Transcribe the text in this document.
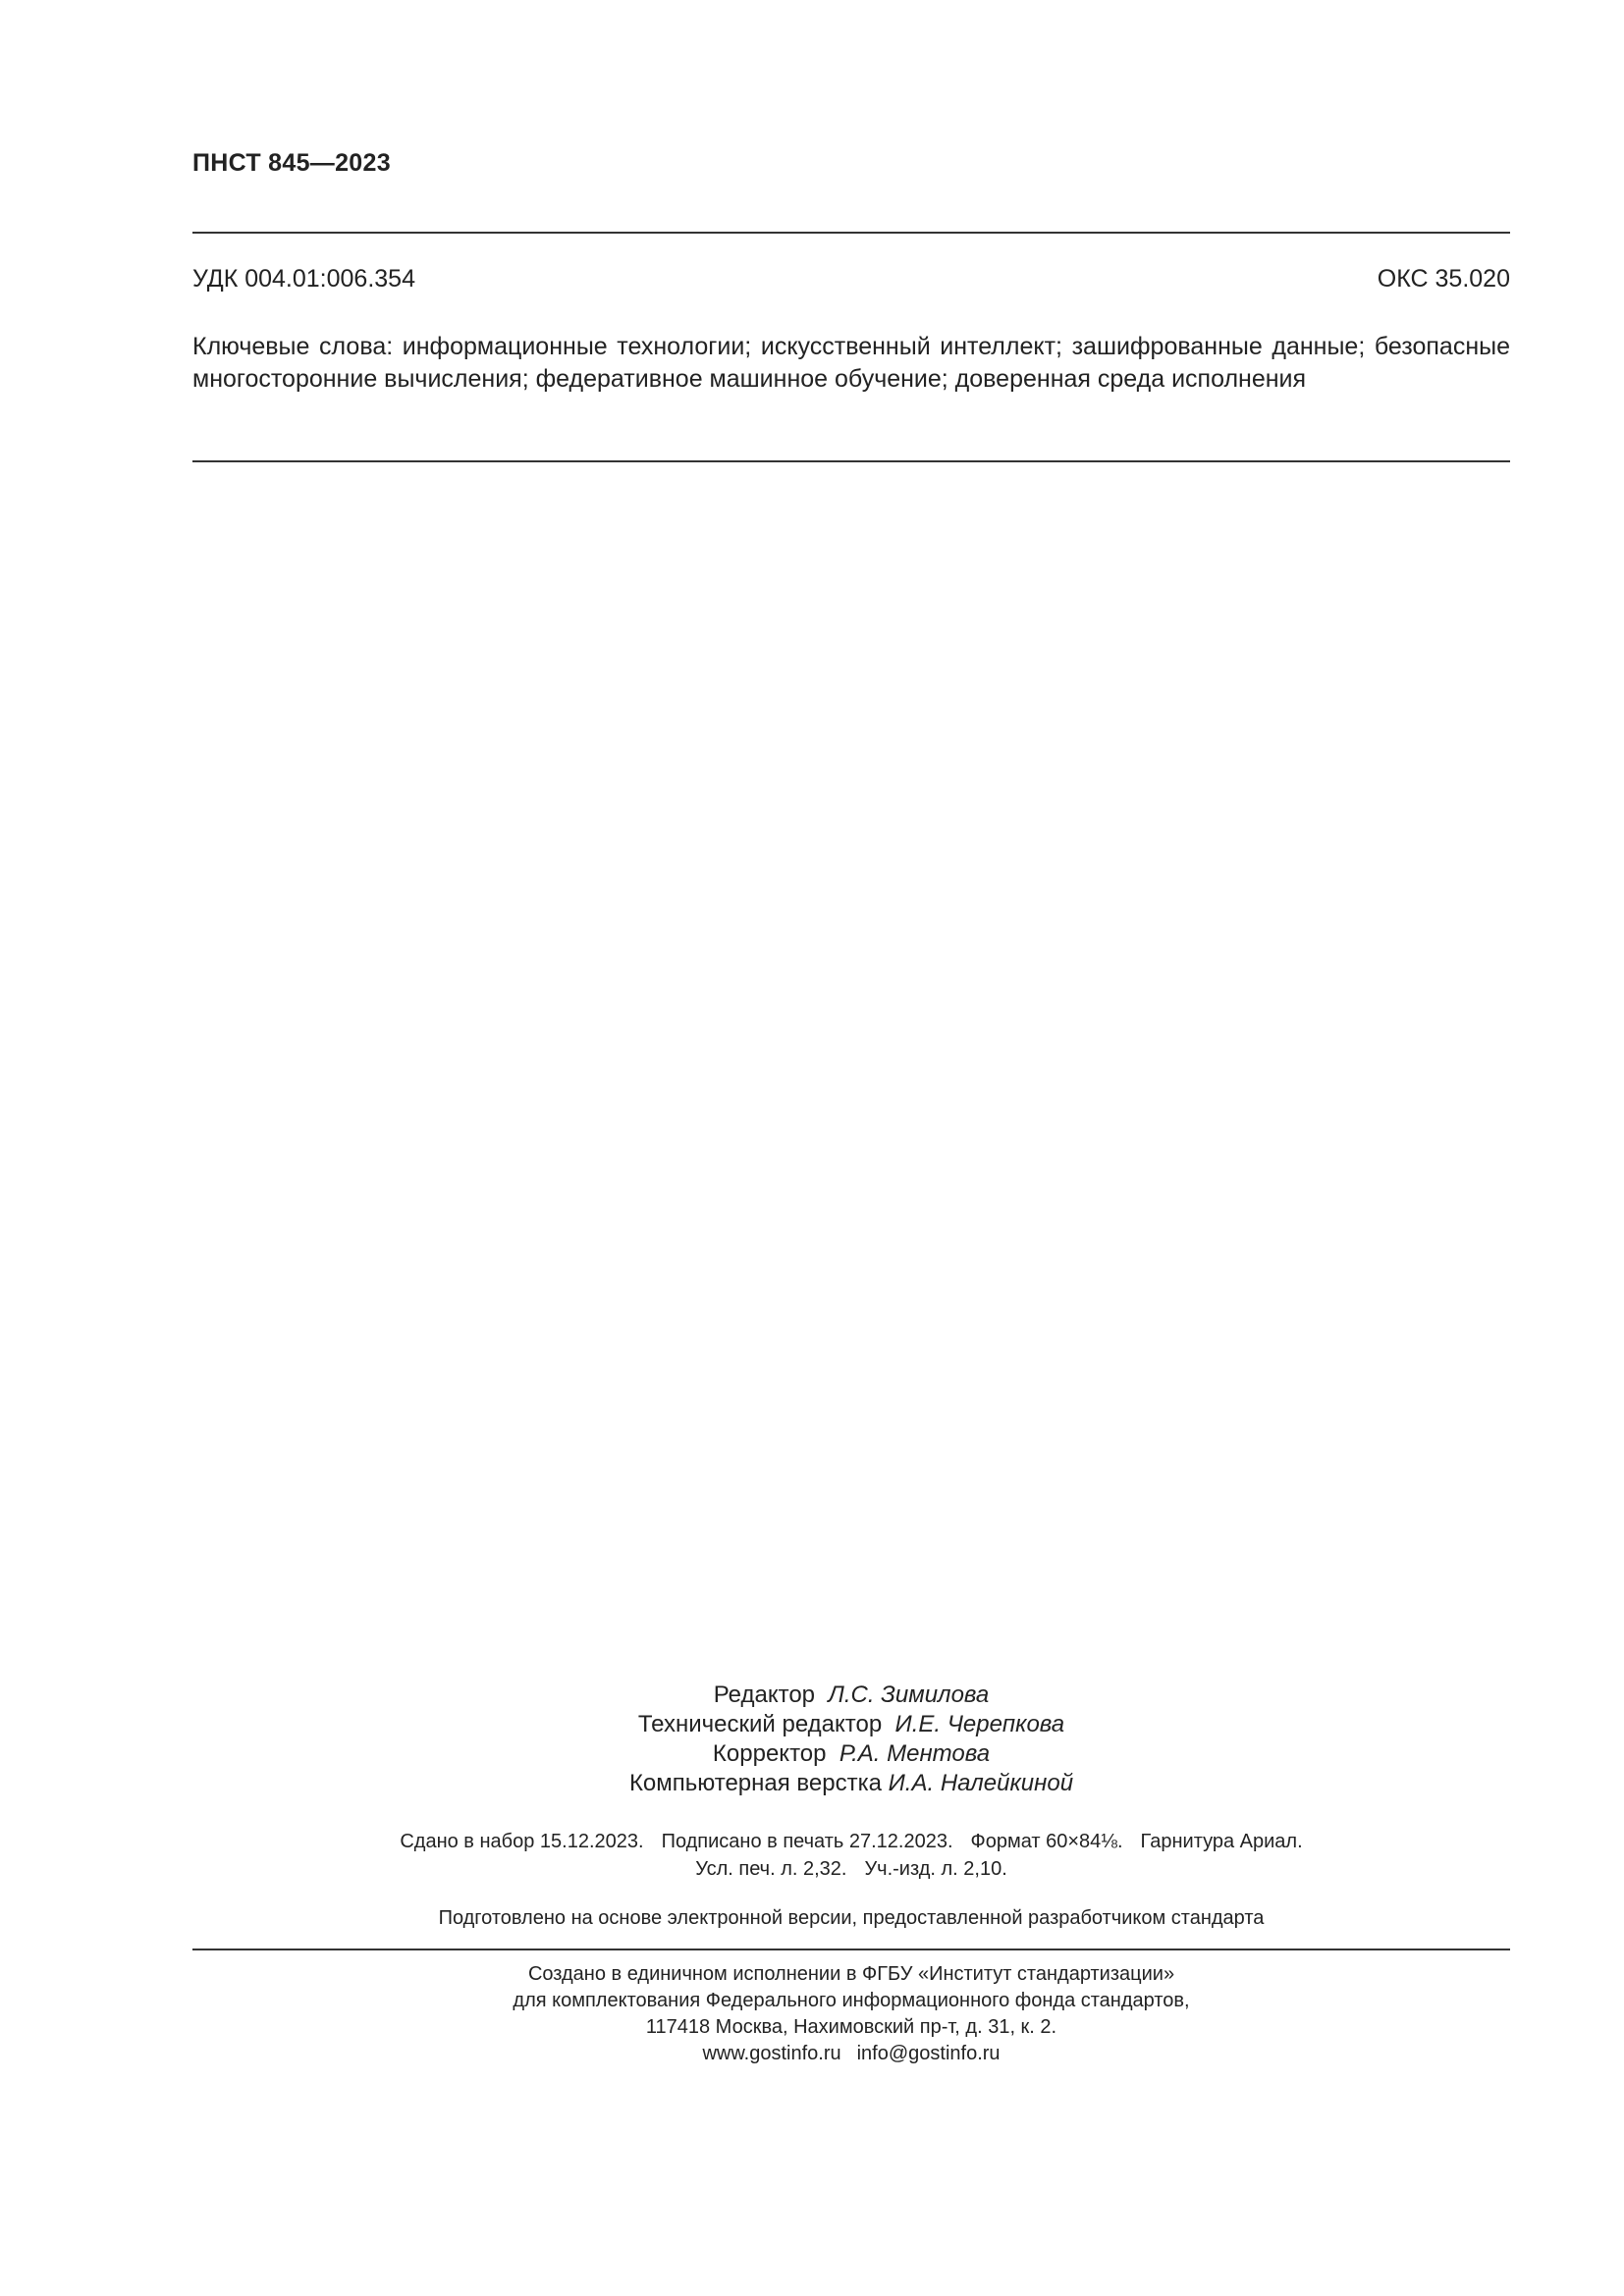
ПНСТ 845—2023
УДК 004.01:006.354	ОКС 35.020
Ключевые слова: информационные технологии; искусственный интеллект; зашифрованные данные; безопасные многосторонние вычисления; федеративное машинное обучение; доверенная среда исполнения
Редактор Л.С. Зимилова
Технический редактор И.Е. Черепкова
Корректор Р.А. Ментова
Компьютерная верстка И.А. Налейкиной
Сдано в набор 15.12.2023. Подписано в печать 27.12.2023. Формат 60×84⅛. Гарнитура Ариал.
Усл. печ. л. 2,32. Уч.-изд. л. 2,10.
Подготовлено на основе электронной версии, предоставленной разработчиком стандарта
Создано в единичном исполнении в ФГБУ «Институт стандартизации»
для комплектования Федерального информационного фонда стандартов,
117418 Москва, Нахимовский пр-т, д. 31, к. 2.
www.gostinfo.ru info@gostinfo.ru
